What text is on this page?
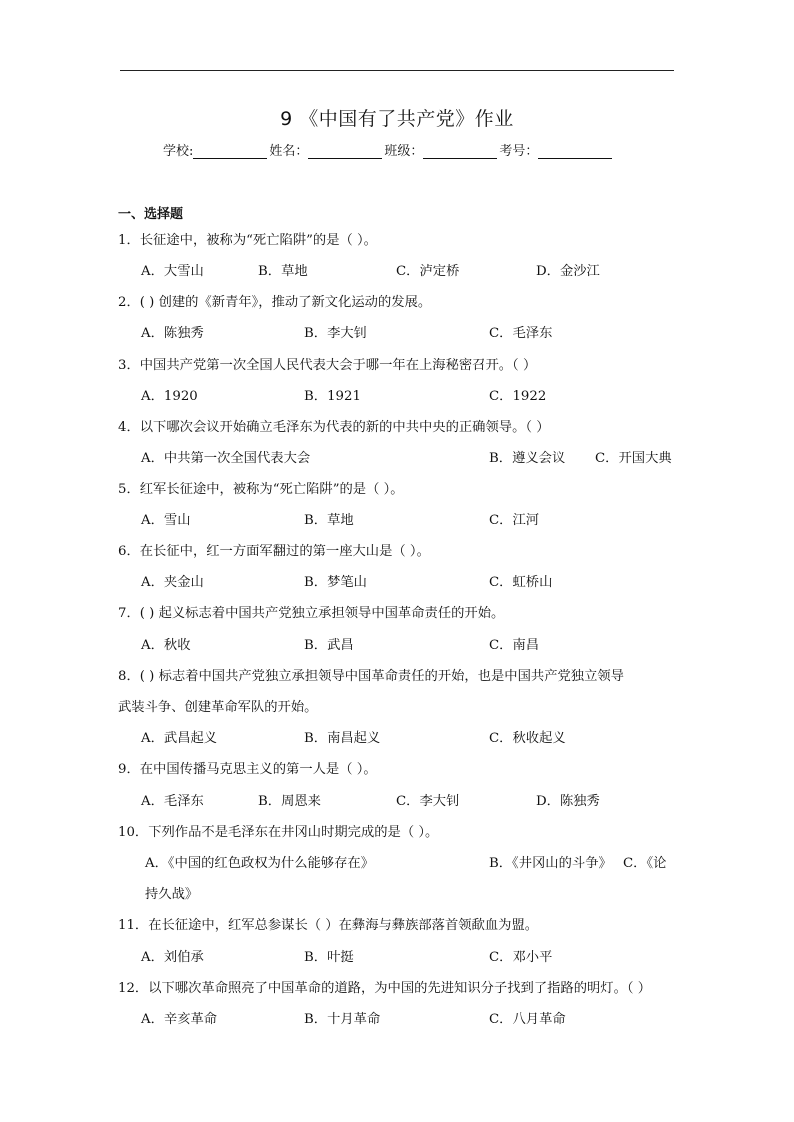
9 《中国有了共产党》作业
学校:	姓名：	班级：	考号：
一、选择题
1．长征途中，被称为“死亡陷阱”的是（ ）。
A．大雪山	B．草地	C．泸定桥	D．金沙江
2．( ) 创建的《新青年》，推动了新文化运动的发展。
A．陈独秀	B．李大钊	C．毛泽东
3．中国共产党第一次全国人民代表大会于哪一年在上海秘密召开。（ ）
A．1920	B．1921	C．1922
4．以下哪次会议开始确立毛泽东为代表的新的中共中央的正确领导。（ ）
A．中共第一次全国代表大会	B．遵义会议 C．开国大典
5．红军长征途中，被称为“死亡陷阱”的是（ ）。
A．雪山	B．草地	C．江河
6．在长征中，红一方面军翻过的第一座大山是（ ）。
A．夹金山	B．梦笔山	C．虹桥山
7．( ) 起义标志着中国共产党独立承担领导中国革命责任的开始。
A．秋收	B．武昌	C．南昌
8．( ) 标志着中国共产党独立承担领导中国革命责任的开始，也是中国共产党独立领导
武装斗争、创建革命军队的开始。
A．武昌起义	B．南昌起义	C．秋收起义
9．在中国传播马克思主义的第一人是（ ）。
A．毛泽东	B．周恩来	C．李大钊	D．陈独秀
10．下列作品不是毛泽东在井冈山时期完成的是（ ）。
A．《中国的红色政权为什么能够存在》	B．《井冈山的斗争》 C．《论
持久战》
11．在长征途中，红军总参谋长（ ）在彝海与彝族部落首领歃血为盟。
A．刘伯承	B．叶挺	C．邓小平
12．以下哪次革命照亮了中国革命的道路，为中国的先进知识分子找到了指路的明灯。（ ）
A．辛亥革命	B．十月革命	C．八月革命
